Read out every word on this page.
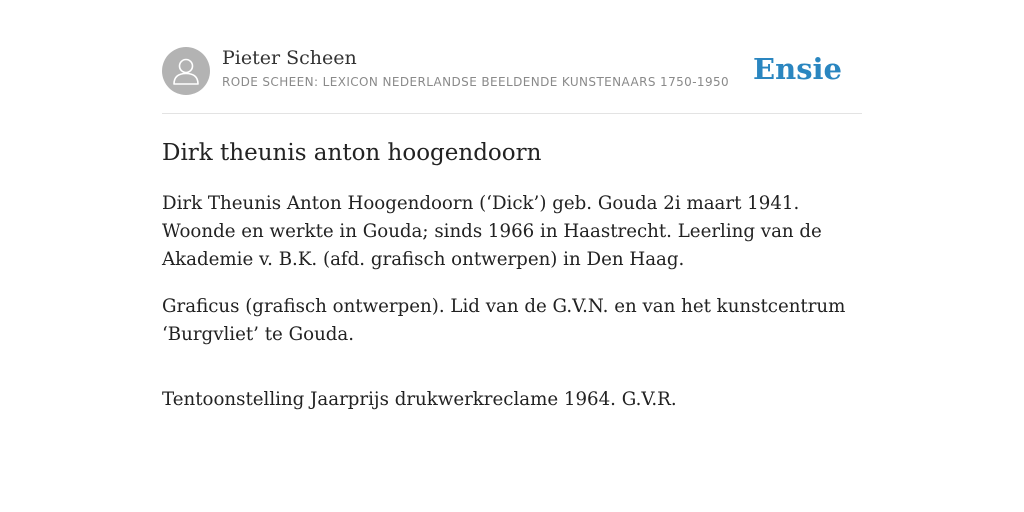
Pieter Scheen
RODE SCHEEN: LEXICON NEDERLANDSE BEELDENDE KUNSTENAARS 1750-1950 Ensie
Dirk theunis anton hoogendoorn

Dirk Theunis Anton Hoogendoorn (‘Dick’) geb. Gouda 2i maart 1941. Woonde en werkte in Gouda; sinds 1966 in Haastrecht. Leerling van de Akademie v. B.K. (afd. grafisch ontwerpen) in Den Haag.

Graficus (grafisch ontwerpen). Lid van de G.V.N. en van het kunstcentrum ‘Burgvliet’ te Gouda.

Tentoonstelling Jaarprijs drukwerkreclame 1964. G.V.R.
